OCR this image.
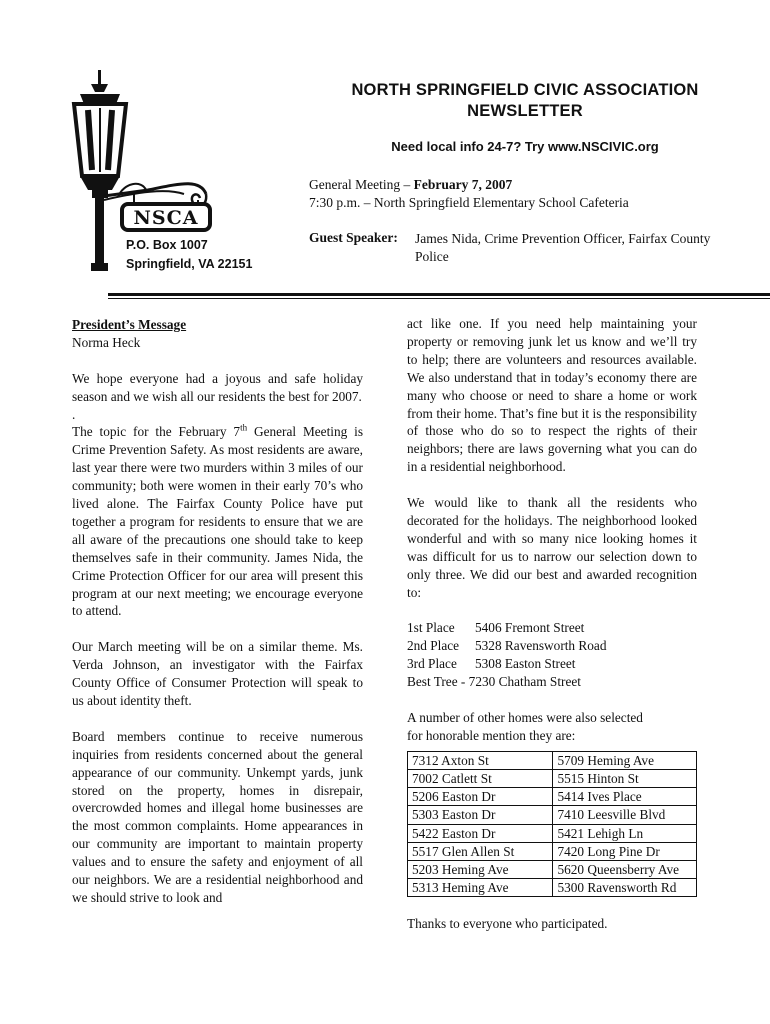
NSCA
P.O. Box 1007
Springfield, VA 22151
NORTH SPRINGFIELD CIVIC ASSOCIATION
NEWSLETTER
Need local info 24-7? Try www.NSCIVIC.org
General Meeting – February 7, 2007
7:30 p.m. – North Springfield Elementary School Cafeteria
Guest Speaker: James Nida, Crime Prevention Officer, Fairfax County Police

President’s Message

Norma Heck

We hope everyone had a joyous and safe holiday season and we wish all our residents the best for 2007.

.

The topic for the February 7th General Meeting is Crime Prevention Safety. As most residents are aware, last year there were two murders within 3 miles of our community; both were women in their early 70’s who lived alone. The Fairfax County Police have put together a program for residents to ensure that we are all aware of the precautions one should take to keep themselves safe in their community. James Nida, the Crime Protection Officer for our area will present this program at our next meeting; we encourage everyone to attend.

Our March meeting will be on a similar theme. Ms. Verda Johnson, an investigator with the Fairfax County Office of Consumer Protection will speak to us about identity theft.

Board members continue to receive numerous inquiries from residents concerned about the general appearance of our community. Unkempt yards, junk stored on the property, homes in disrepair, overcrowded homes and illegal home businesses are the most common complaints. Home appearances in our community are important to maintain property values and to ensure the safety and enjoyment of all our neighbors. We are a residential neighborhood and we should strive to look and

act like one. If you need help maintaining your property or removing junk let us know and we’ll try to help; there are volunteers and resources available. We also understand that in today’s economy there are many who choose or need to share a home or work from their home. That’s fine but it is the responsibility of those who do so to respect the rights of their neighbors; there are laws governing what you can do in a residential neighborhood.

We would like to thank all the residents who decorated for the holidays. The neighborhood looked wonderful and with so many nice looking homes it was difficult for us to narrow our selection down to only three. We did our best and awarded recognition to:

1st Place 5406 Fremont Street
2nd Place 5328 Ravensworth Road
3rd Place 5308 Easton Street
Best Tree - 7230 Chatham Street
A number of other homes were also selected
for honorable mention they are:
7312 Axton St	5709 Heming Ave
7002 Catlett St	5515 Hinton St
5206 Easton Dr	5414 Ives Place
5303 Easton Dr	7410 Leesville Blvd
5422 Easton Dr	5421 Lehigh Ln
5517 Glen Allen St	7420 Long Pine Dr
5203 Heming Ave	5620 Queensberry Ave
5313 Heming Ave	5300 Ravensworth Rd

Thanks to everyone who participated.
